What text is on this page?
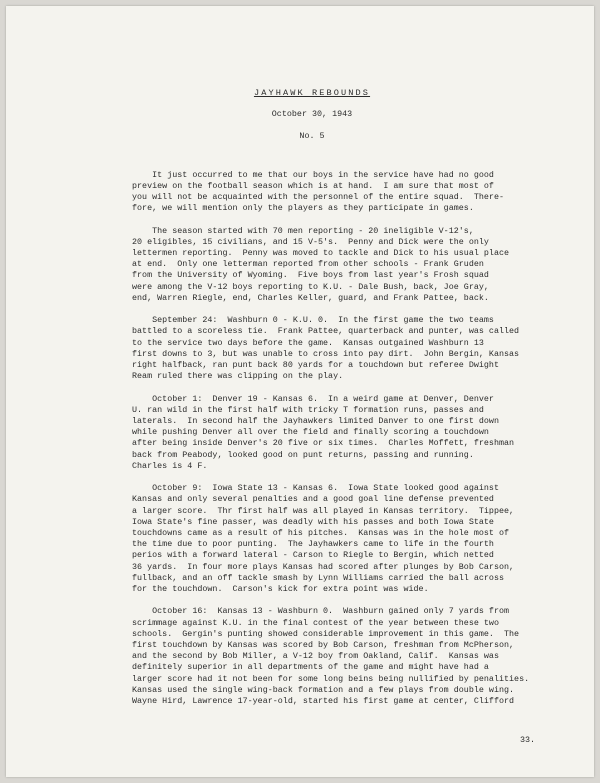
JAYHAWK REBOUNDS
October 30, 1943
No. 5
It just occurred to me that our boys in the service have had no good
preview on the football season which is at hand.  I am sure that most of
you will not be acquainted with the personnel of the entire squad.  There-
fore, we will mention only the players as they participate in games.
The season started with 70 men reporting - 20 ineligible V-12's,
20 eligibles, 15 civilians, and 15 V-5's.  Penny and Dick were the only
lettermen reporting.  Penny was moved to tackle and Dick to his usual place
at end.  Only one letterman reported from other schools - Frank Gruden
from the University of Wyoming.  Five boys from last year's Frosh squad
were among the V-12 boys reporting to K.U. - Dale Bush, back, Joe Gray,
end, Warren Riegle, end, Charles Keller, guard, and Frank Pattee, back.
September 24:  Washburn 0 - K.U. 0.  In the first game the two teams
battled to a scoreless tie.  Frank Pattee, quarterback and punter, was called
to the service two days before the game.  Kansas outgained Washburn 13
first downs to 3, but was unable to cross into pay dirt.  John Bergin, Kansas
right halfback, ran punt back 80 yards for a touchdown but referee Dwight
Ream ruled there was clipping on the play.
October 1:  Denver 19 - Kansas 6.  In a weird game at Denver, Denver
U. ran wild in the first half with tricky T formation runs, passes and
laterals.  In second half the Jayhawkers limited Danver to one first down
while pushing Denver all over the field and finally scoring a touchdown
after being inside Denver's 20 five or six times.  Charles Moffett, freshman
back from Peabody, looked good on punt returns, passing and running.
Charles is 4 F.
October 9:  Iowa State 13 - Kansas 6.  Iowa State looked good against
Kansas and only several penalties and a good goal line defense prevented
a larger score.  Thr first half was all played in Kansas territory.  Tippee,
Iowa State's fine passer, was deadly with his passes and both Iowa State
touchdowns came as a result of his pitches.  Kansas was in the hole most of
the time due to poor punting.  The Jayhawkers came to life in the fourth
perios with a forward lateral - Carson to Riegle to Bergin, which netted
36 yards.  In four more plays Kansas had scored after plunges by Bob Carson,
fullback, and an off tackle smash by Lynn Williams carried the ball across
for the touchdown.  Carson's kick for extra point was wide.
October 16:  Kansas 13 - Washburn 0.  Washburn gained only 7 yards from
scrimmage against K.U. in the final contest of the year between these two
schools.  Gergin's punting showed considerable improvement in this game.  The
first touchdown by Kansas was scored by Bob Carson, freshman from McPherson,
and the second by Bob Miller, a V-12 boy from Oakland, Calif.  Kansas was
definitely superior in all departments of the game and might have had a
larger score had it not been for some long beins being nullified by penalities.
Kansas used the single wing-back formation and a few plays from double wing.
Wayne Hird, Lawrence 17-year-old, started his first game at center, Clifford
33.
